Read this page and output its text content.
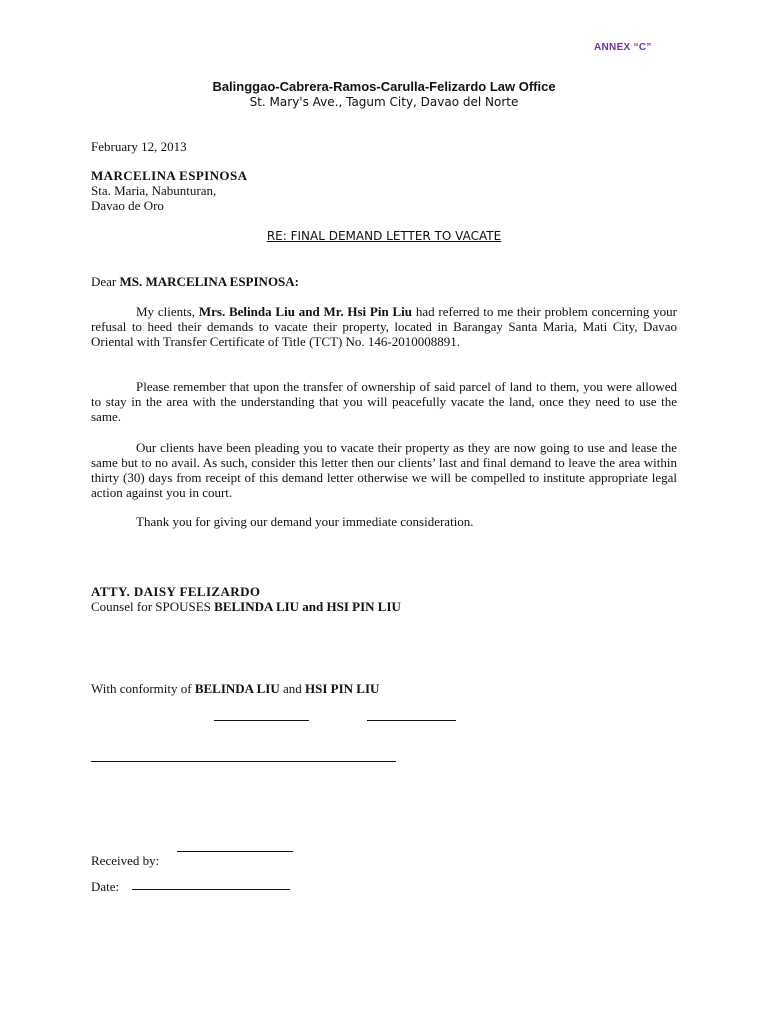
ANNEX “C”
Balinggao-Cabrera-Ramos-Carulla-Felizardo Law Office
St. Mary's Ave., Tagum City, Davao del Norte
February 12, 2013
MARCELINA ESPINOSA
Sta. Maria, Nabunturan,
Davao de Oro
RE: FINAL DEMAND LETTER TO VACATE
Dear MS. MARCELINA ESPINOSA:
My clients, Mrs. Belinda Liu and Mr. Hsi Pin Liu had referred to me their problem concerning your refusal to heed their demands to vacate their property, located in Barangay Santa Maria, Mati City, Davao Oriental with Transfer Certificate of Title (TCT) No. 146-2010008891.
Please remember that upon the transfer of ownership of said parcel of land to them, you were allowed to stay in the area with the understanding that you will peacefully vacate the land, once they need to use the same.
Our clients have been pleading you to vacate their property as they are now going to use and lease the same but to no avail. As such, consider this letter then our clients’ last and final demand to leave the area within thirty (30) days from receipt of this demand letter otherwise we will be compelled to institute appropriate legal action against you in court.
Thank you for giving our demand your immediate consideration.
ATTY. DAISY FELIZARDO
Counsel for SPOUSES BELINDA LIU and HSI PIN LIU
With conformity of BELINDA LIU and HSI PIN LIU
Received by:
Date:
